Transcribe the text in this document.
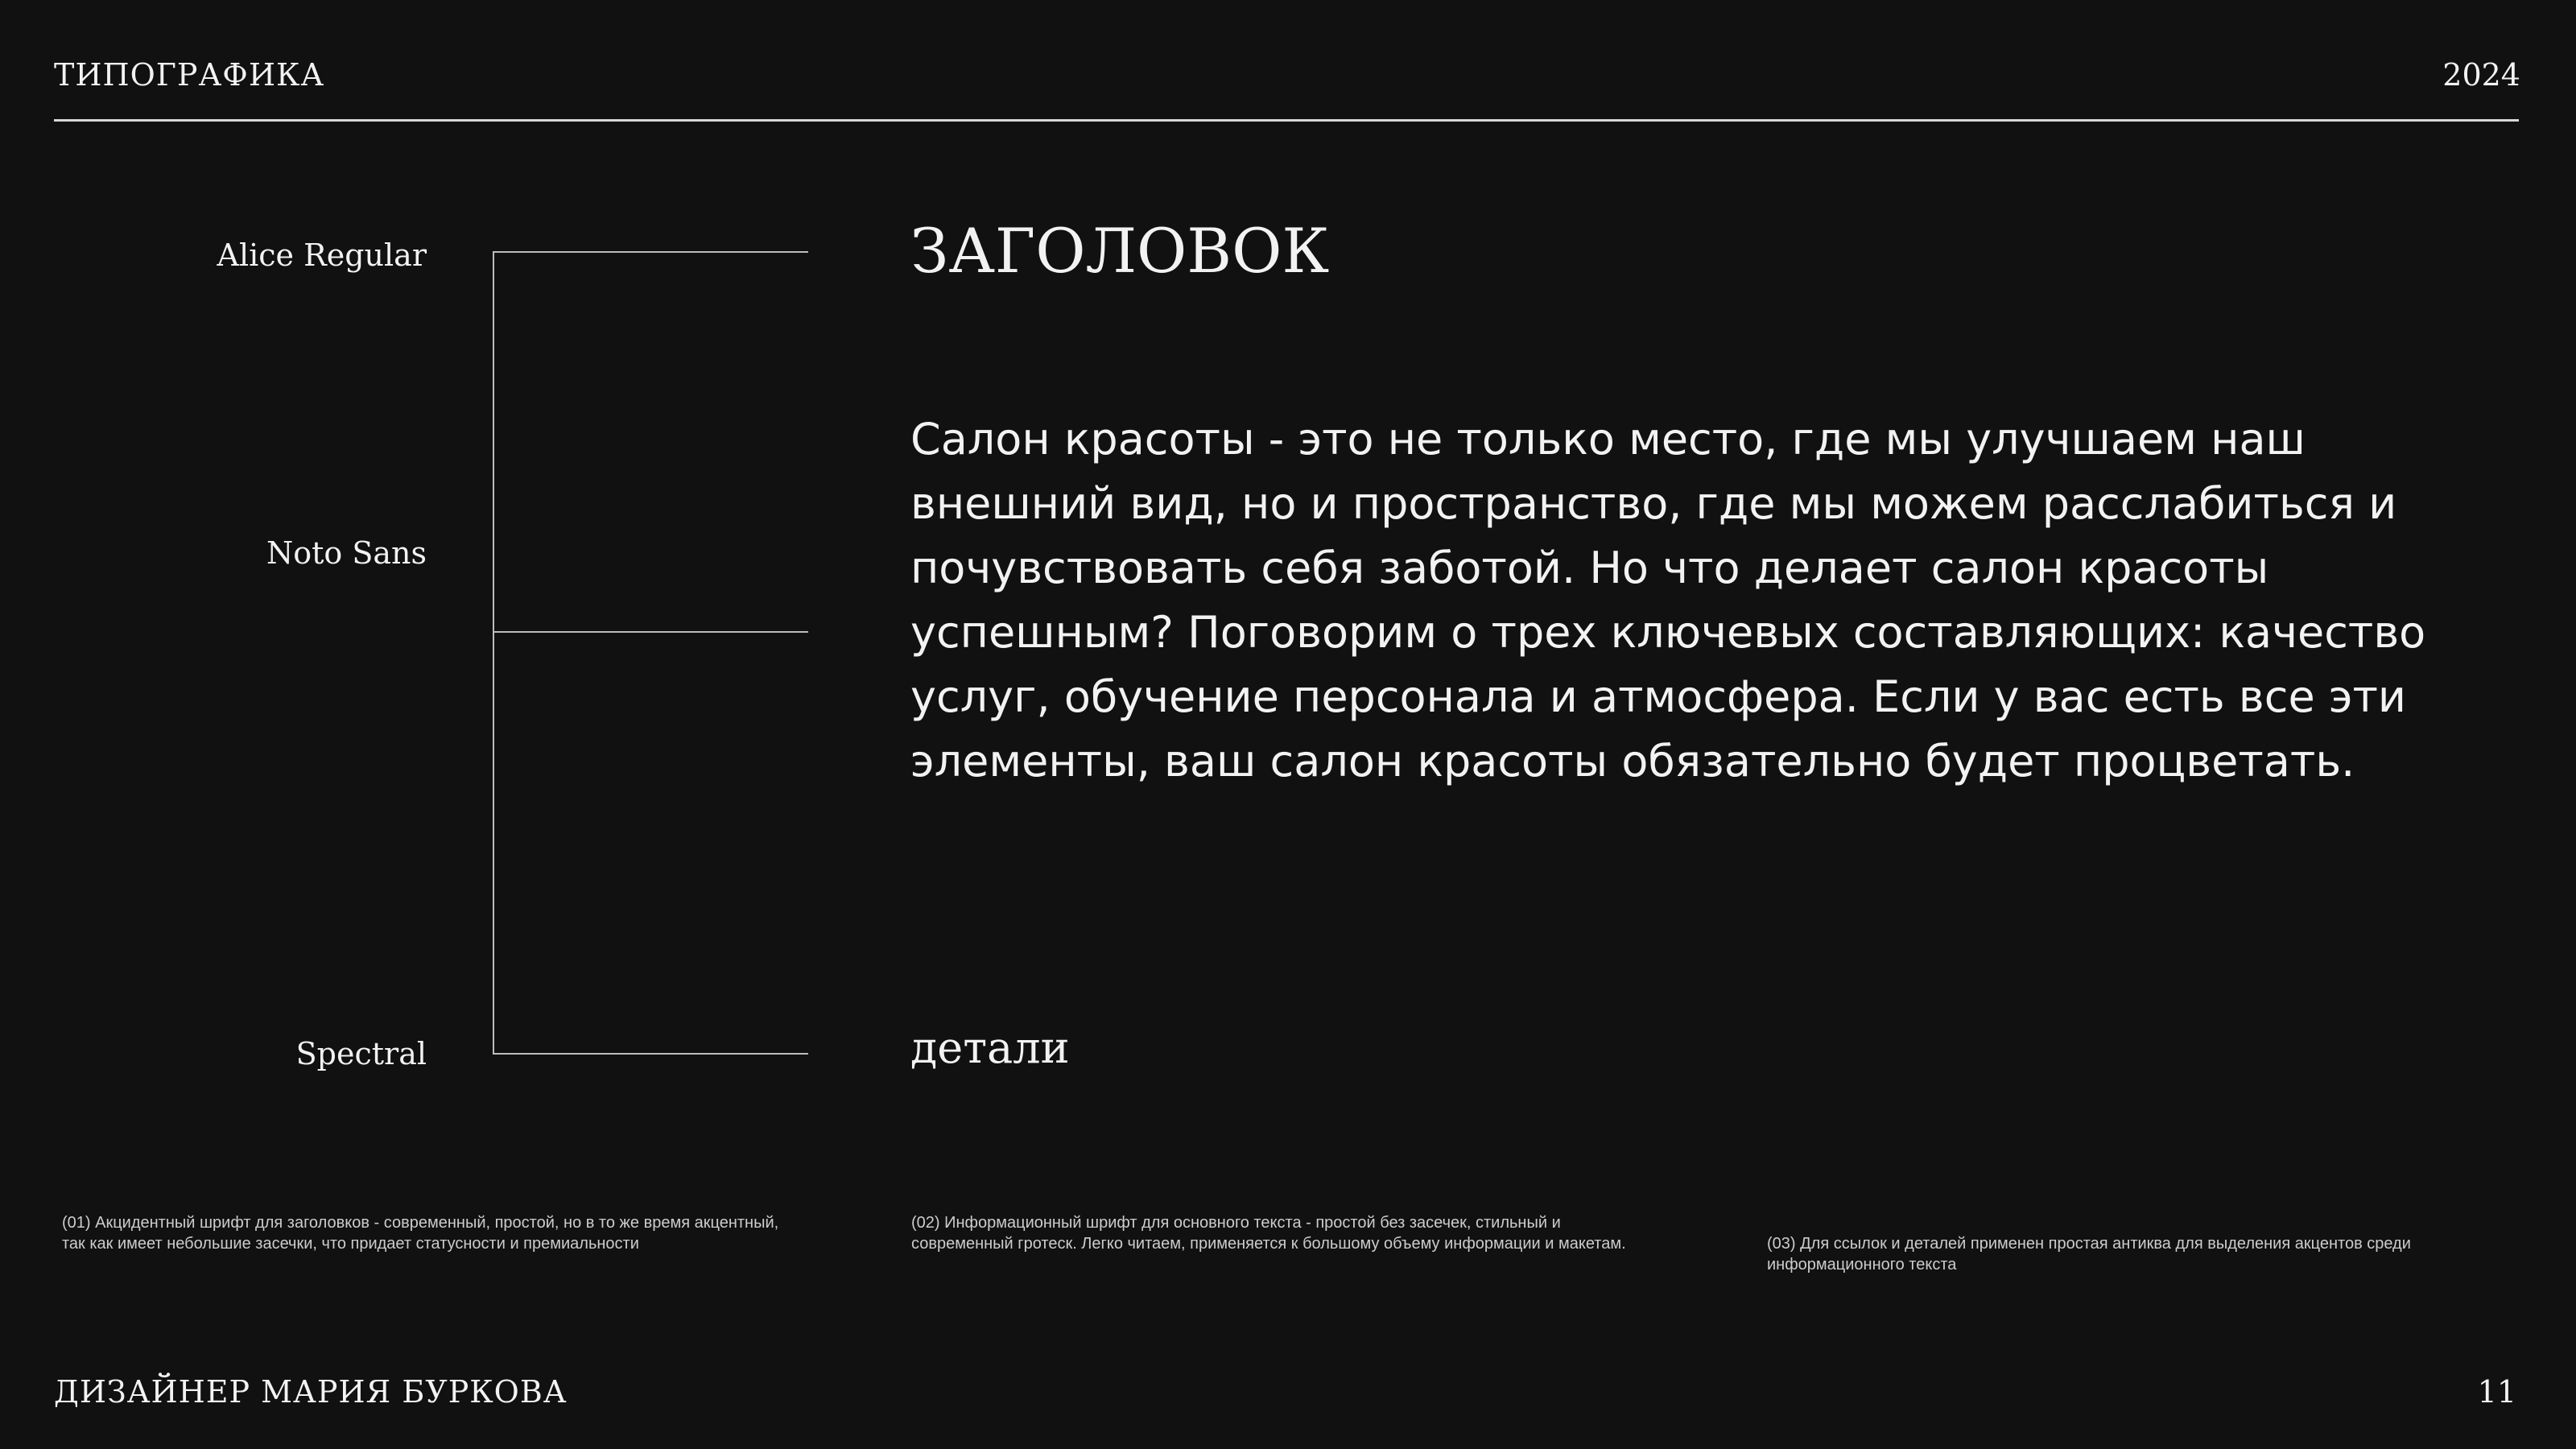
ТИПОГРАФИКА	2024
Alice Regular
Noto Sans
Spectral
ЗАГОЛОВОК
Салон красоты - это не только место, где мы улучшаем наш внешний вид, но и пространство, где мы можем расслабиться и почувствовать себя заботой. Но что делает салон красоты успешным? Поговорим о трех ключевых составляющих: качество услуг, обучение персонала и атмосфера. Если у вас есть все эти элементы, ваш салон красоты обязательно будет процветать.
детали
(01) Акцидентный шрифт для заголовков - современный, простой, но в то же время акцентный, так как имеет небольшие засечки, что придает статусности и премиальности
(02) Информационный шрифт для основного текста - простой без засечек, стильный и современный гротеск. Легко читаем, применяется к большому объему информации и макетам.	(03) Для ссылок и деталей применен простая антиква для выделения акцентов среди информационного текста
ДИЗАЙНЕР МАРИЯ БУРКОВА	11
